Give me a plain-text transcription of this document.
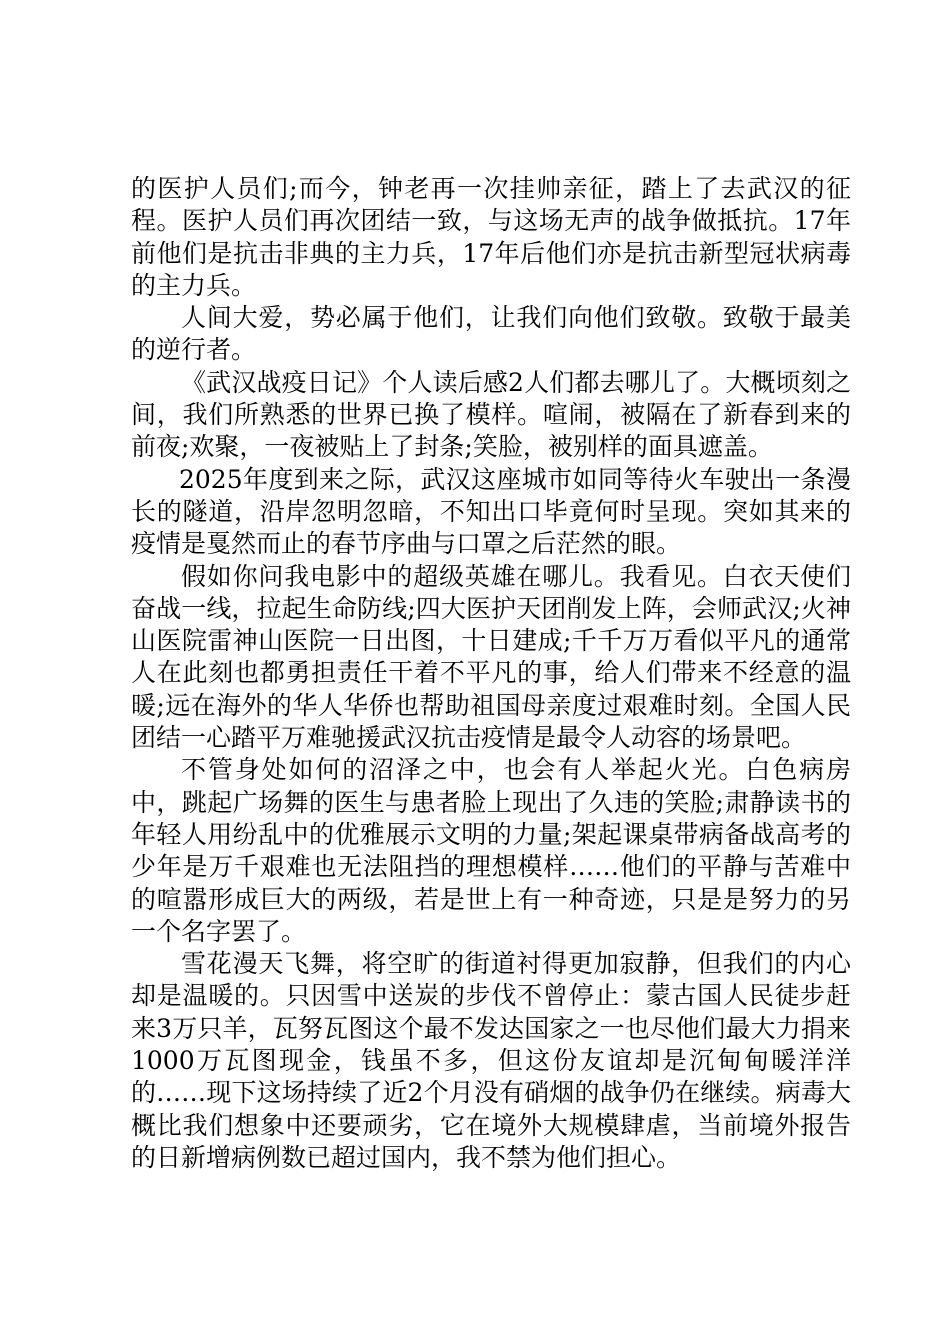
的医护人员们;而今，钟老再一次挂帅亲征，踏上了去武汉的征程。医护人员们再次团结一致，与这场无声的战争做抵抗。17年前他们是抗击非典的主力兵，17年后他们亦是抗击新型冠状病毒的主力兵。

人间大爱，势必属于他们，让我们向他们致敬。致敬于最美的逆行者。

《武汉战疫日记》个人读后感2人们都去哪儿了。大概顷刻之间，我们所熟悉的世界已换了模样。喧闹，被隔在了新春到来的前夜;欢聚，一夜被贴上了封条;笑脸，被别样的面具遮盖。

2025年度到来之际，武汉这座城市如同等待火车驶出一条漫长的隧道，沿岸忽明忽暗，不知出口毕竟何时呈现。突如其来的疫情是戛然而止的春节序曲与口罩之后茫然的眼。

假如你问我电影中的超级英雄在哪儿。我看见。白衣天使们奋战一线，拉起生命防线;四大医护天团削发上阵，会师武汉;火神山医院雷神山医院一日出图，十日建成;千千万万看似平凡的通常人在此刻也都勇担责任干着不平凡的事，给人们带来不经意的温暖;远在海外的华人华侨也帮助祖国母亲度过艰难时刻。全国人民团结一心踏平万难驰援武汉抗击疫情是最令人动容的场景吧。

不管身处如何的沼泽之中，也会有人举起火光。白色病房中，跳起广场舞的医生与患者脸上现出了久违的笑脸;肃静读书的年轻人用纷乱中的优雅展示文明的力量;架起课桌带病备战高考的少年是万千艰难也无法阻挡的理想模样……他们的平静与苦难中的喧嚣形成巨大的两级，若是世上有一种奇迹，只是是努力的另一个名字罢了。

雪花漫天飞舞，将空旷的街道衬得更加寂静，但我们的内心却是温暖的。只因雪中送炭的步伐不曾停止：蒙古国人民徒步赶来3万只羊，瓦努瓦图这个最不发达国家之一也尽他们最大力捐来1000万瓦图现金，钱虽不多，但这份友谊却是沉甸甸暖洋洋的……现下这场持续了近2个月没有硝烟的战争仍在继续。病毒大概比我们想象中还要顽劣，它在境外大规模肆虐，当前境外报告的日新增病例数已超过国内，我不禁为他们担心。
